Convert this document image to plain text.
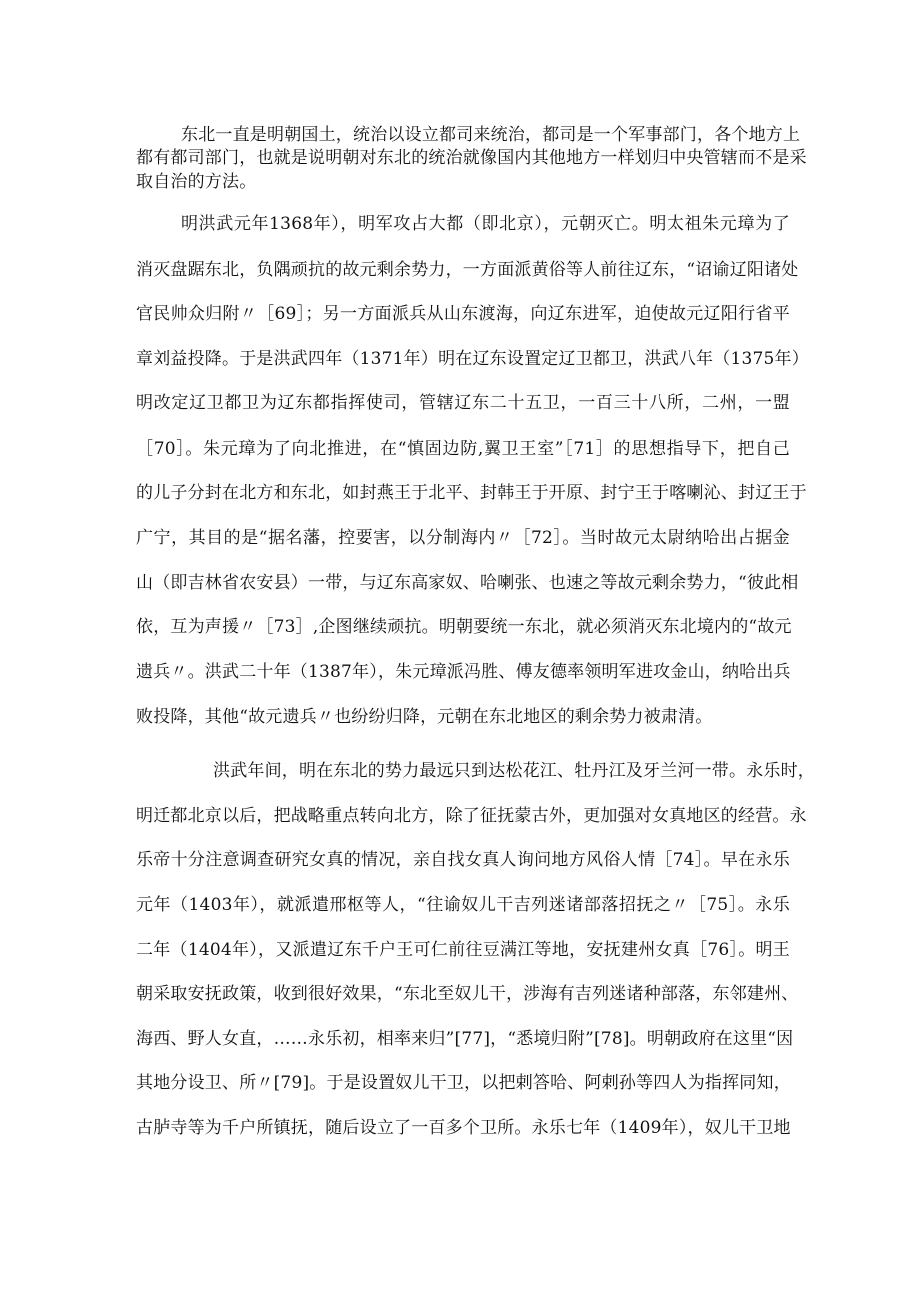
东北一直是明朝国土，统治以设立都司来统治，都司是一个军事部门，各个地方上
都有都司部门，也就是说明朝对东北的统治就像国内其他地方一样划归中央管辖而不是采
取自治的方法。
明洪武元年1368年），明军攻占大都（即北京），元朝灭亡。明太祖朱元璋为了
消灭盘踞东北，负隅顽抗的故元剩余势力，一方面派黄俗等人前往辽东，“诏谕辽阳诸处
官民帅众归附〃［69］；另一方面派兵从山东渡海，向辽东进军，迫使故元辽阳行省平
章刘益投降。于是洪武四年（1371年）明在辽东设置定辽卫都卫，洪武八年（1375年）
明改定辽卫都卫为辽东都指挥使司，管辖辽东二十五卫，一百三十八所，二州，一盟
［70］。朱元璋为了向北推进，在“慎固边防,翼卫王室”［71］的思想指导下，把自己
的儿子分封在北方和东北，如封燕王于北平、封韩王于开原、封宁王于喀喇沁、封辽王于
广宁，其目的是“据名藩，控要害，以分制海内〃［72］。当时故元太尉纳哈出占据金
山（即吉林省农安县）一带，与辽东高家奴、哈喇张、也速之等故元剩余势力，“彼此相
依，互为声援〃［73］,企图继续顽抗。明朝要统一东北，就必须消灭东北境内的“故元
遗兵〃。洪武二十年（1387年），朱元璋派冯胜、傅友德率领明军进攻金山，纳哈出兵
败投降，其他“故元遗兵〃也纷纷归降，元朝在东北地区的剩余势力被肃清。
洪武年间，明在东北的势力最远只到达松花江、牡丹江及牙兰河一带。永乐时，
明迁都北京以后，把战略重点转向北方，除了征抚蒙古外，更加强对女真地区的经营。永
乐帝十分注意调查研究女真的情况，亲自找女真人询问地方风俗人情［74］。早在永乐
元年（1403年），就派遣邢枢等人，“往谕奴儿干吉列迷诸部落招抚之〃［75］。永乐
二年（1404年），又派遣辽东千户王可仁前往豆满江等地，安抚建州女真［76］。明王
朝采取安抚政策，收到很好效果，“东北至奴儿干，涉海有吉列迷诸种部落，东邻建州、
海西、野人女直，……永乐初，相率来归”[77]，“悉境归附”[78]。明朝政府在这里“因
其地分设卫、所〃[79]。于是设置奴儿干卫，以把剌答哈、阿剌孙等四人为指挥同知，
古胪寺等为千户所镇抚，随后设立了一百多个卫所。永乐七年（1409年），奴儿干卫地
